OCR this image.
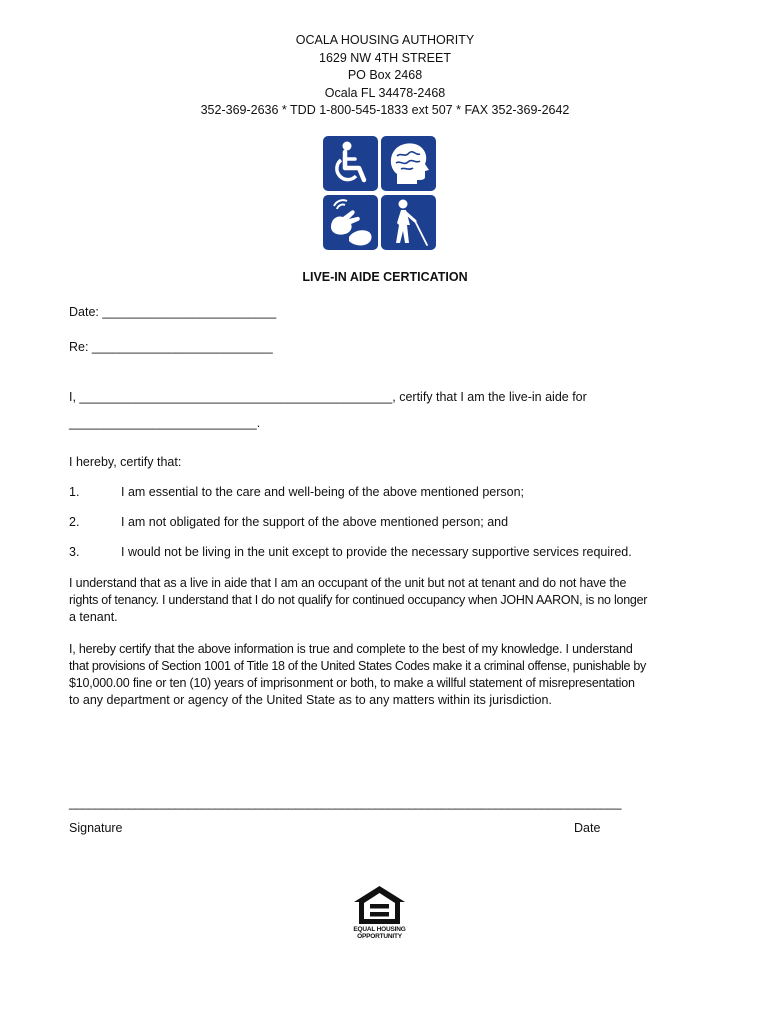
OCALA HOUSING AUTHORITY
1629 NW 4TH STREET
PO Box 2468
Ocala FL 34478-2468
352-369-2636 * TDD 1-800-545-1833 ext 507 * FAX 352-369-2642
LIVE-IN AIDE CERTICATION
Date: _________________________
Re: __________________________
I, _____________________________________________, certify that I am the live-in aide for
___________________________.
I hereby, certify that:
1.	I am essential to the care and well-being of the above mentioned person;
2.	I am not obligated for the support of the above mentioned person; and
3.	I would not be living in the unit except to provide the necessary supportive services required.
I understand that as a live in aide that I am an occupant of the unit but not at tenant and do not have the
rights of tenancy. I understand that I do not qualify for continued occupancy when JOHN AARON, is no longer
a tenant.
I, hereby certify that the above information is true and complete to the best of my knowledge. I understand
that provisions of Section 1001 of Title 18 of the United States Codes make it a criminal offense, punishable by
$10,000.00 fine or ten (10) years of imprisonment or both, to make a willful statement of misrepresentation
to any department or agency of the United State as to any matters within its jurisdiction.
___________________________________________________________________________________
Signature	Date
EQUAL HOUSING
OPPORTUNITY
